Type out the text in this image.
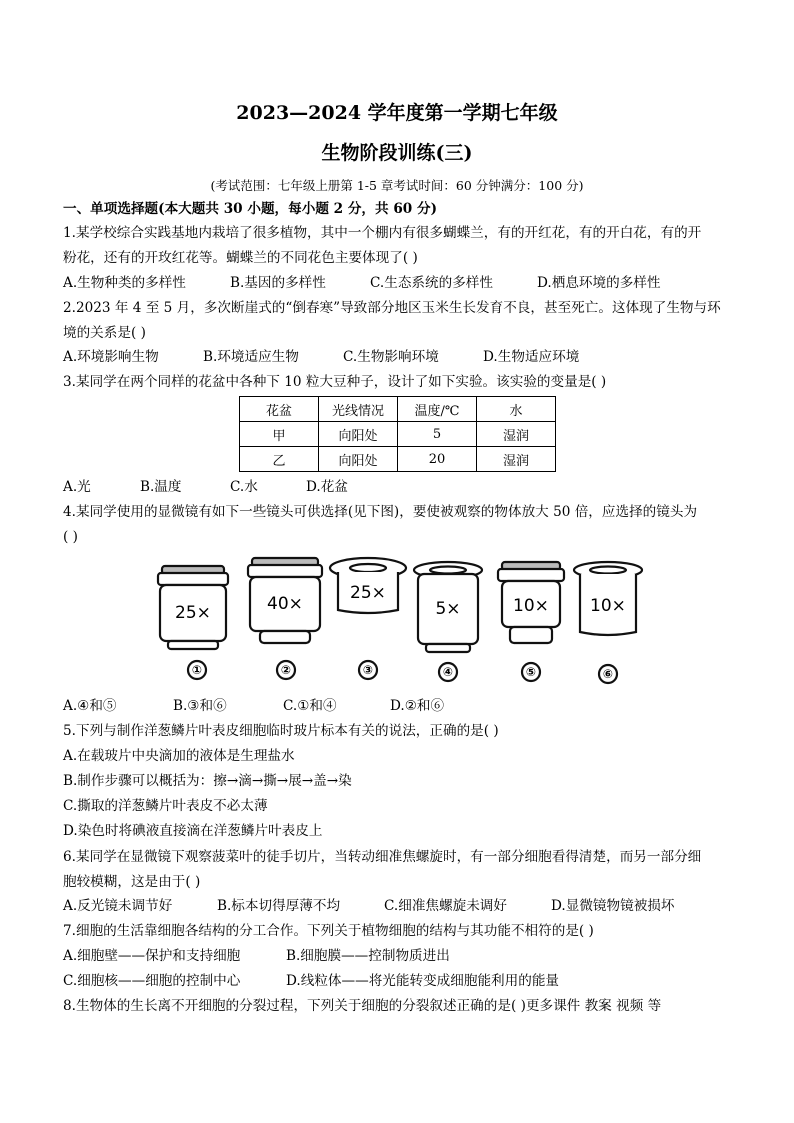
2023—2024 学年度第一学期七年级
生物阶段训练(三)
(考试范围：七年级上册第 1-5 章考试时间：60 分钟满分：100 分)
一、单项选择题(本大题共 30 小题，每小题 2 分，共 60 分)
1.某学校综合实践基地内栽培了很多植物，其中一个棚内有很多蝴蝶兰，有的开红花，有的开白花，有的开
粉花，还有的开玫红花等。蝴蝶兰的不同花色主要体现了( )
A.生物种类的多样性	B.基因的多样性	C.生态系统的多样性	D.栖息环境的多样性
2.2023 年 4 至 5 月，多次断崖式的“倒春寒”导致部分地区玉米生长发育不良，甚至死亡。这体现了生物与环
境的关系是( )
A.环境影响生物	B.环境适应生物	C.生物影响环境	D.生物适应环境
3.某同学在两个同样的花盆中各种下 10 粒大豆种子，设计了如下实验。该实验的变量是( )
花盆	光线情况	温度/℃	水
甲	向阳处	5	湿润
乙	向阳处	20	湿润
A.光	B.温度	C.水	D.花盆
4.某同学使用的显微镜有如下一些镜头可供选择(见下图)，要使被观察的物体放大 50 倍，应选择的镜头为
( )
25×	40×
25×
5×	10× 10×
①	②	③	④	⑤	⑥
A.④和⑤	B.③和⑥	C.①和④	D.②和⑥
5.下列与制作洋葱鳞片叶表皮细胞临时玻片标本有关的说法，正确的是( )
A.在载玻片中央滴加的液体是生理盐水
B.制作步骤可以概括为：擦→滴→撕→展→盖→染
C.撕取的洋葱鳞片叶表皮不必太薄
D.染色时将碘液直接滴在洋葱鳞片叶表皮上
6.某同学在显微镜下观察菠菜叶的徒手切片，当转动细准焦螺旋时，有一部分细胞看得清楚，而另一部分细
胞较模糊，这是由于( )
A.反光镜未调节好	B.标本切得厚薄不均	C.细准焦螺旋未调好	D.显微镜物镜被损坏
7.细胞的生活靠细胞各结构的分工合作。下列关于植物细胞的结构与其功能不相符的是( )
A.细胞壁——保护和支持细胞	B.细胞膜——控制物质进出
C.细胞核——细胞的控制中心	D.线粒体——将光能转变成细胞能利用的能量
8.生物体的生长离不开细胞的分裂过程，下列关于细胞的分裂叙述正确的是( )更多课件 教案 视频 等
